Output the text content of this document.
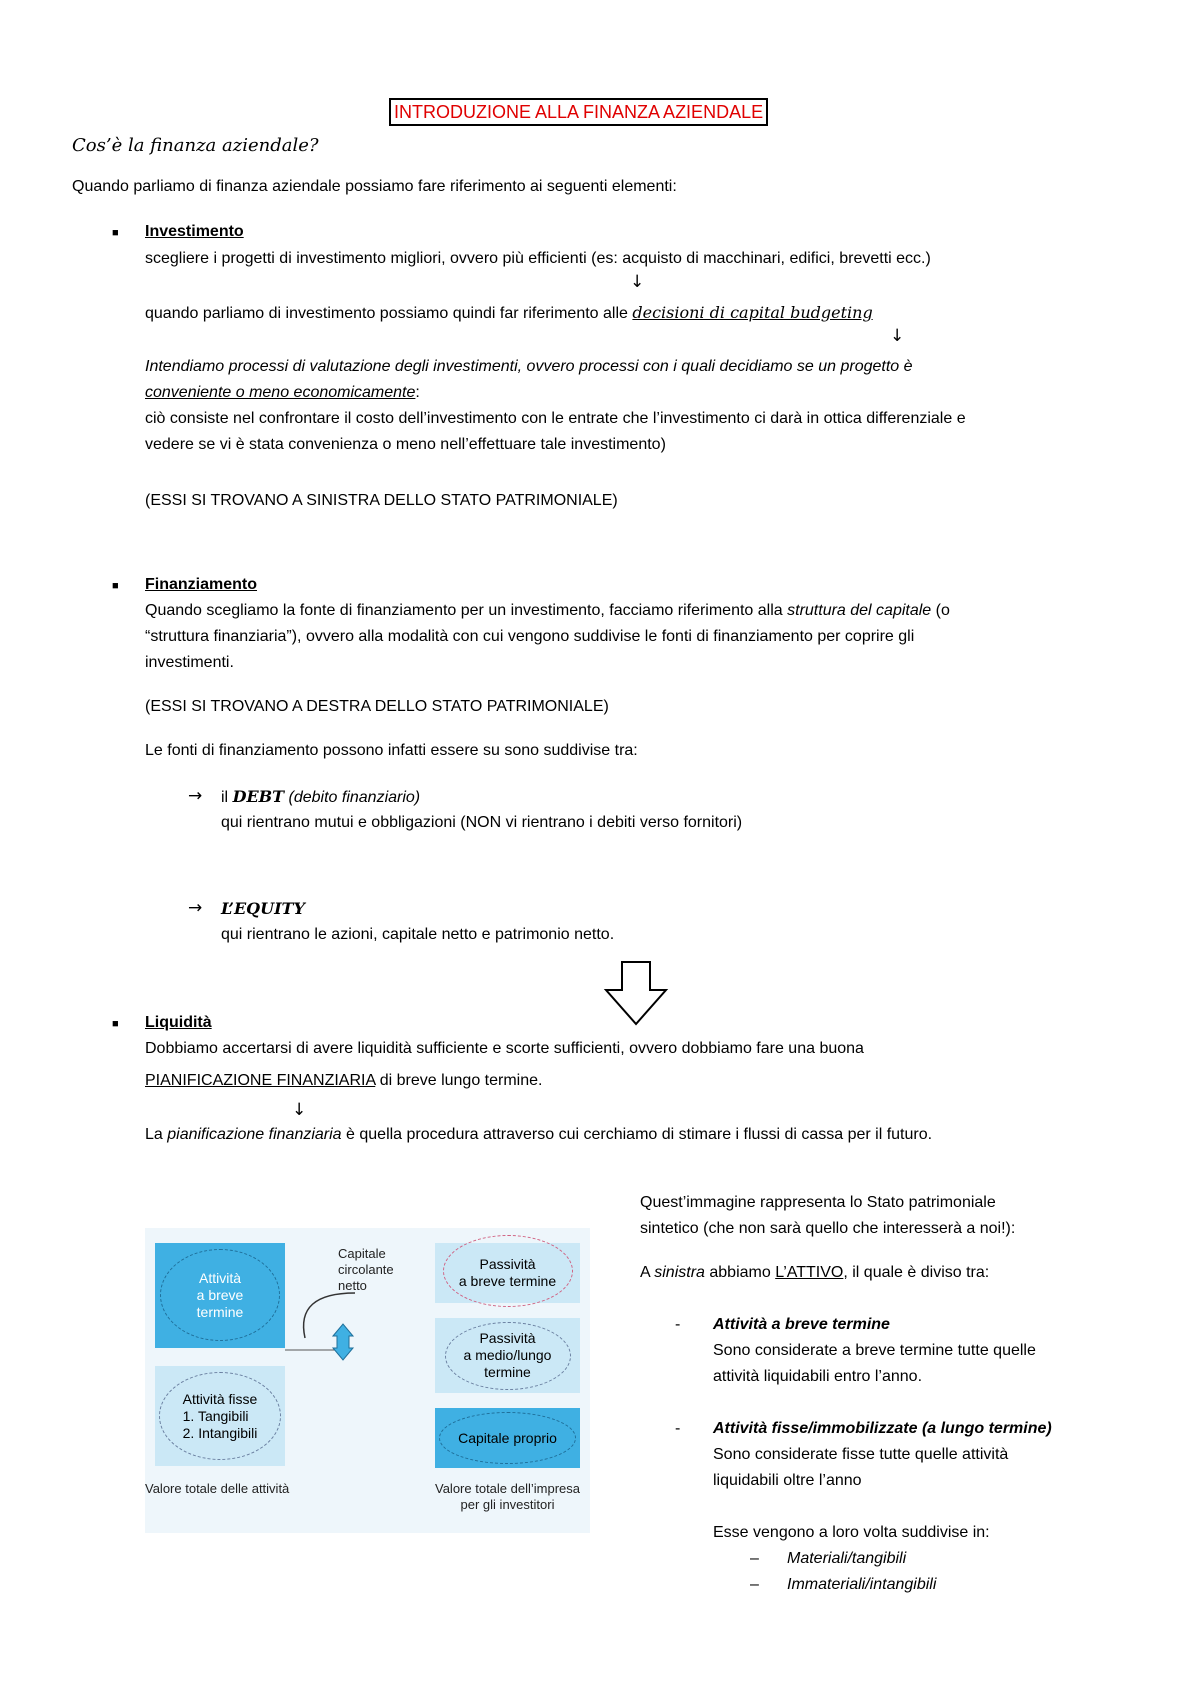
INTRODUZIONE ALLA FINANZA AZIENDALE
Cos’è la finanza aziendale?
Quando parliamo di finanza aziendale possiamo fare riferimento ai seguenti elementi:
■ Investimento
scegliere i progetti di investimento migliori, ovvero più efficienti (es: acquisto di macchinari, edifici, brevetti ecc.)
↓
quando parliamo di investimento possiamo quindi far riferimento alle decisioni di capital budgeting
↓
Intendiamo processi di valutazione degli investimenti, ovvero processi con i quali decidiamo se un progetto è
conveniente o meno economicamente:
ciò consiste nel confrontare il costo dell’investimento con le entrate che l’investimento ci darà in ottica differenziale e
vedere se vi è stata convenienza o meno nell’effettuare tale investimento)
(ESSI SI TROVANO A SINISTRA DELLO STATO PATRIMONIALE)
■ Finanziamento
Quando scegliamo la fonte di finanziamento per un investimento, facciamo riferimento alla struttura del capitale (o
“struttura finanziaria”), ovvero alla modalità con cui vengono suddivise le fonti di finanziamento per coprire gli
investimenti.
(ESSI SI TROVANO A DESTRA DELLO STATO PATRIMONIALE)
Le fonti di finanziamento possono infatti essere su sono suddivise tra:
→ il DEBT (debito finanziario)
qui rientrano mutui e obbligazioni (NON vi rientrano i debiti verso fornitori)
→ L’EQUITY
qui rientrano le azioni, capitale netto e patrimonio netto.
■ Liquidità
Dobbiamo accertarsi di avere liquidità sufficiente e scorte sufficienti, ovvero dobbiamo fare una buona
PIANIFICAZIONE FINANZIARIA di breve lungo termine.
↓
La pianificazione finanziaria è quella procedura attraverso cui cerchiamo di stimare i flussi di cassa per il futuro.
Attività
a breve
termine
Capitale
circolante
netto
Passività
a breve termine
Passività
a medio/lungo
termine
Attività fisse
1. Tangibili
2. Intangibili	Capitale proprio
Valore totale delle attività	Valore totale dell’impresa
per gli investitori
Quest’immagine rappresenta lo Stato patrimoniale
sintetico (che non sarà quello che interesserà a noi!):
A sinistra abbiamo L’ATTIVO, il quale è diviso tra:
- Attività a breve termine
Sono considerate a breve termine tutte quelle
attività liquidabili entro l’anno.
- Attività fisse/immobilizzate (a lungo termine)
Sono considerate fisse tutte quelle attività
liquidabili oltre l’anno
Esse vengono a loro volta suddivise in:
– Materiali/tangibili
– Immateriali/intangibili
